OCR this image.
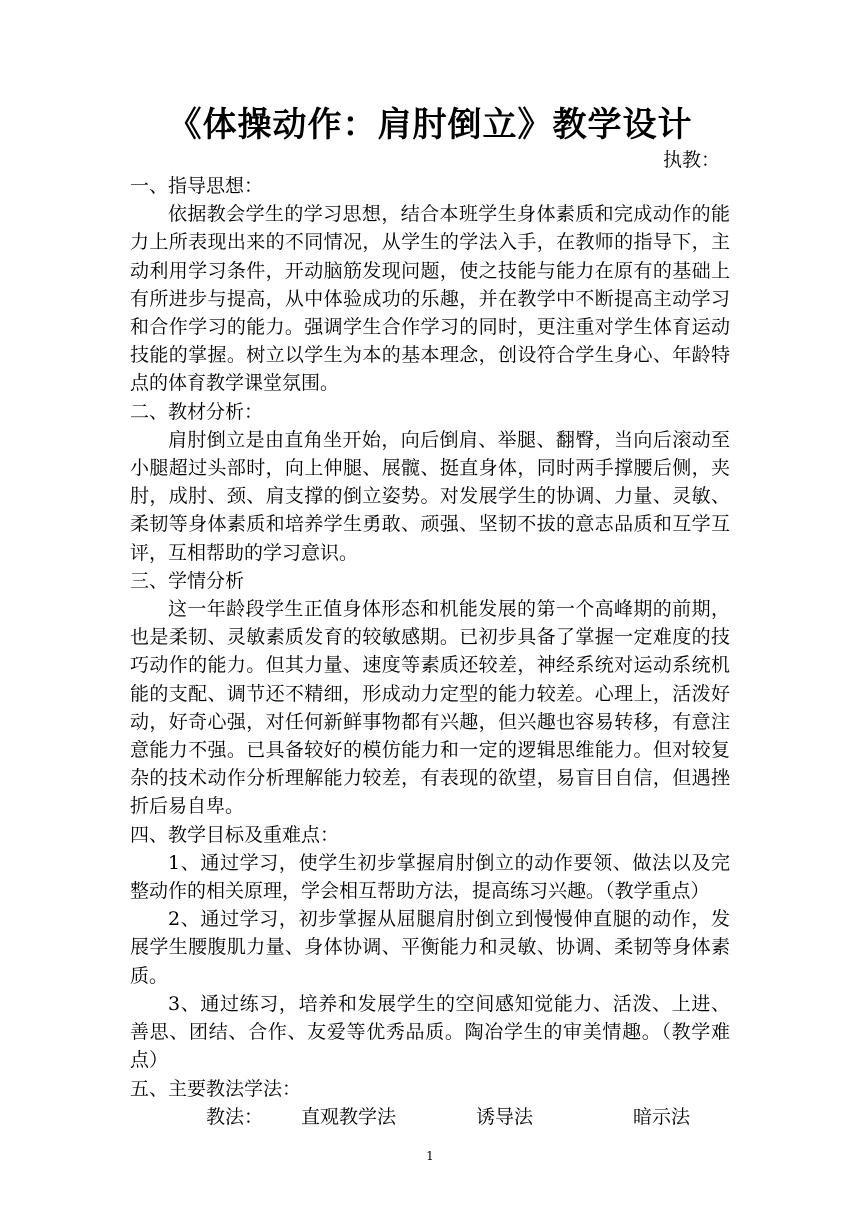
《体操动作：肩肘倒立》教学设计
执教：

一、指导思想：

依据教会学生的学习思想，结合本班学生身体素质和完成动作的能力上所表现出来的不同情况，从学生的学法入手，在教师的指导下，主动利用学习条件，开动脑筋发现问题，使之技能与能力在原有的基础上有所进步与提高，从中体验成功的乐趣，并在教学中不断提高主动学习和合作学习的能力。强调学生合作学习的同时，更注重对学生体育运动技能的掌握。树立以学生为本的基本理念，创设符合学生身心、年龄特点的体育教学课堂氛围。

二、教材分析：

肩肘倒立是由直角坐开始，向后倒肩、举腿、翻臀，当向后滚动至小腿超过头部时，向上伸腿、展髋、挺直身体，同时两手撑腰后侧，夹肘，成肘、颈、肩支撑的倒立姿势。对发展学生的协调、力量、灵敏、柔韧等身体素质和培养学生勇敢、顽强、坚韧不拔的意志品质和互学互评，互相帮助的学习意识。

三、学情分析

这一年龄段学生正值身体形态和机能发展的第一个高峰期的前期，也是柔韧、灵敏素质发育的较敏感期。已初步具备了掌握一定难度的技巧动作的能力。但其力量、速度等素质还较差，神经系统对运动系统机能的支配、调节还不精细，形成动力定型的能力较差。心理上，活泼好动，好奇心强，对任何新鲜事物都有兴趣，但兴趣也容易转移，有意注意能力不强。已具备较好的模仿能力和一定的逻辑思维能力。但对较复杂的技术动作分析理解能力较差，有表现的欲望，易盲目自信，但遇挫折后易自卑。

四、教学目标及重难点：

1、通过学习，使学生初步掌握肩肘倒立的动作要领、做法以及完整动作的相关原理，学会相互帮助方法，提高练习兴趣。（教学重点）

2、通过学习，初步掌握从屈腿肩肘倒立到慢慢伸直腿的动作，发展学生腰腹肌力量、身体协调、平衡能力和灵敏、协调、柔韧等身体素质。

3、通过练习，培养和发展学生的空间感知觉能力、活泼、上进、善思、团结、合作、友爱等优秀品质。陶冶学生的审美情趣。（教学难点）

五、主要教法学法：

教法： 直观教学法	诱导法	暗示法

1
